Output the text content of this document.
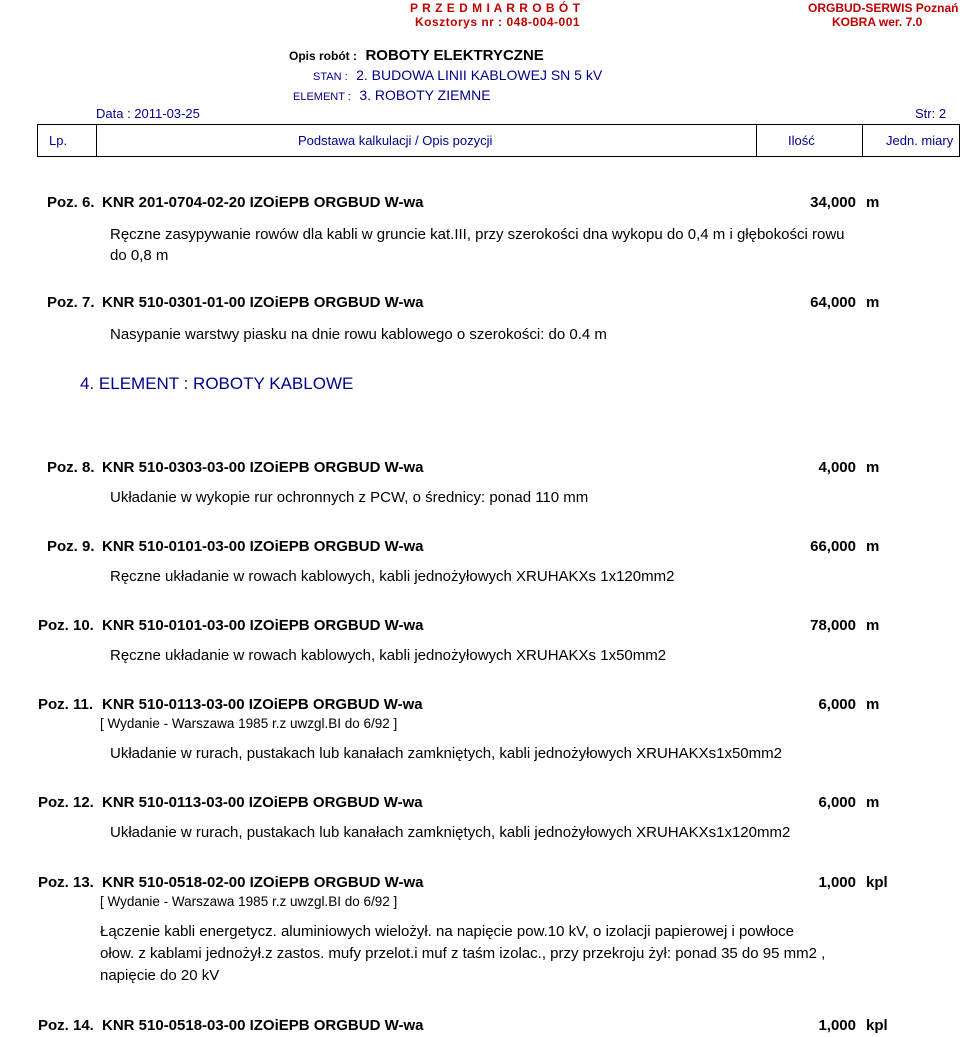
P R Z E D M I A R R O B Ó T
Kosztorys nr : 048-004-001
ORGBUD-SERWIS Poznań
KOBRA wer. 7.0
Opis robót : ROBOTY ELEKTRYCZNE
STAN : 2. BUDOWA LINII KABLOWEJ SN 5 kV
ELEMENT : 3. ROBOTY ZIEMNE
Data : 2011-03-25	Str: 2
Lp.	Podstawa kalkulacji / Opis pozycji	Ilość	Jedn. miary
Poz. 6. KNR 201-0704-02-20 IZOiEPB ORGBUD W-wa	34,000 m
Ręczne zasypywanie rowów dla kabli w gruncie kat.III, przy szerokości dna wykopu do 0,4 m i głębokości rowu
do 0,8 m
Poz. 7. KNR 510-0301-01-00 IZOiEPB ORGBUD W-wa	64,000 m
Nasypanie warstwy piasku na dnie rowu kablowego o szerokości: do 0.4 m
4. ELEMENT : ROBOTY KABLOWE
Poz. 8. KNR 510-0303-03-00 IZOiEPB ORGBUD W-wa	4,000 m
Układanie w wykopie rur ochronnych z PCW, o średnicy: ponad 110 mm
Poz. 9. KNR 510-0101-03-00 IZOiEPB ORGBUD W-wa	66,000 m
Ręczne układanie w rowach kablowych, kabli jednożyłowych XRUHAKXs 1x120mm2
Poz. 10. KNR 510-0101-03-00 IZOiEPB ORGBUD W-wa	78,000 m
Ręczne układanie w rowach kablowych, kabli jednożyłowych XRUHAKXs 1x50mm2
Poz. 11. KNR 510-0113-03-00 IZOiEPB ORGBUD W-wa	6,000 m
[ Wydanie - Warszawa 1985 r.z uwzgl.BI do 6/92 ]
Układanie w rurach, pustakach lub kanałach zamkniętych, kabli jednożyłowych XRUHAKXs1x50mm2
Poz. 12. KNR 510-0113-03-00 IZOiEPB ORGBUD W-wa	6,000 m
Układanie w rurach, pustakach lub kanałach zamkniętych, kabli jednożyłowych XRUHAKXs1x120mm2
Poz. 13. KNR 510-0518-02-00 IZOiEPB ORGBUD W-wa	1,000 kpl
[ Wydanie - Warszawa 1985 r.z uwzgl.BI do 6/92 ]
Łączenie kabli energetycz. aluminiowych wielożył. na napięcie pow.10 kV, o izolacji papierowej i powłoce
ołow. z kablami jednożył.z zastos. mufy przelot.i muf z taśm izolac., przy przekroju żył: ponad 35 do 95 mm2 ,
napięcie do 20 kV
Poz. 14. KNR 510-0518-03-00 IZOiEPB ORGBUD W-wa	1,000 kpl
